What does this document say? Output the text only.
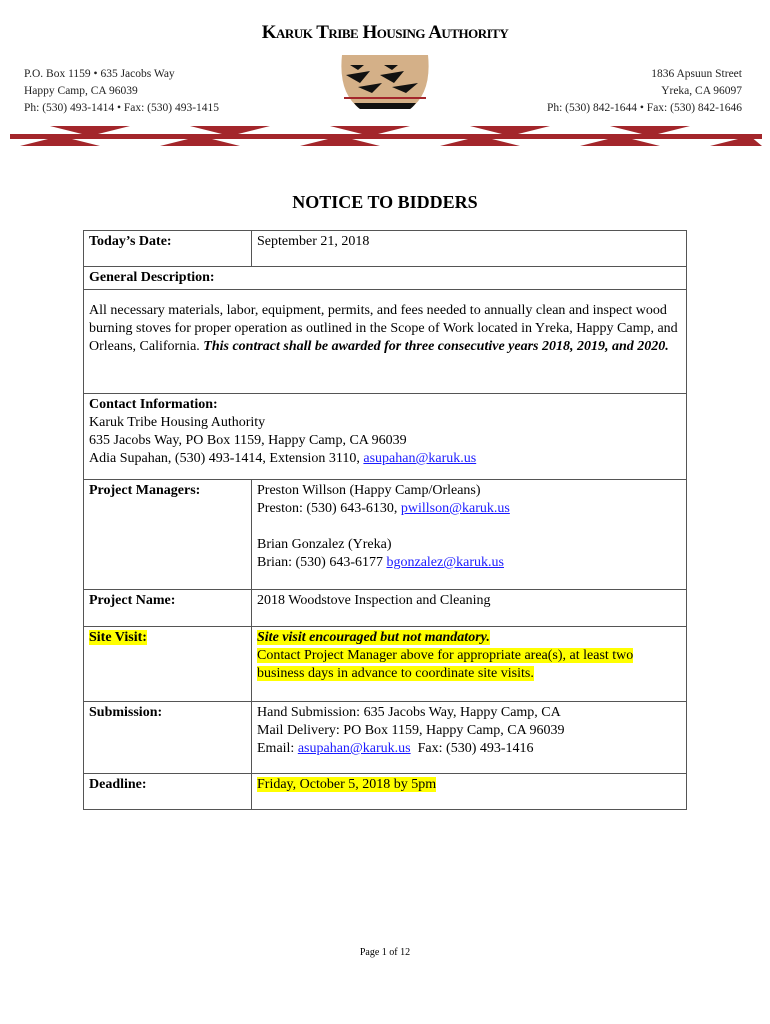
Karuk Tribe Housing Authority
P.O. Box 1159 • 635 Jacobs Way
Happy Camp, CA 96039
Ph: (530) 493-1414 • Fax: (530) 493-1415
1836 Apsuun Street
Yreka, CA 96097
Ph: (530) 842-1644 • Fax: (530) 842-1646
NOTICE TO BIDDERS
Today’s Date:	September 21, 2018
General Description:	
All necessary materials, labor, equipment, permits, and fees needed to annually clean and inspect wood burning stoves for proper operation as outlined in the Scope of Work located in Yreka, Happy Camp, and Orleans, California. This contract shall be awarded for three consecutive years 2018, 2019, and 2020.	

Contact Information:
Karuk Tribe Housing Authority
635 Jacobs Way, PO Box 1159, Happy Camp, CA 96039
Adia Supahan, (530) 493-1414, Extension 3110, asupahan@karuk.us	

Project Managers:	Preston Willson (Happy Camp/Orleans)
Preston: (530) 643-6130, pwillson@karuk.us
Brian Gonzalez (Yreka)
Brian: (530) 643-6177 bgonzalez@karuk.us

Project Name:	2018 Woodstove Inspection and Cleaning
Site Visit:	Site visit encouraged but not mandatory.
Contact Project Manager above for appropriate area(s), at least two business days in advance to coordinate site visits.
Submission:	Hand Submission: 635 Jacobs Way, Happy Camp, CA
Mail Delivery: PO Box 1159, Happy Camp, CA 96039
Email: asupahan@karuk.us  Fax: (530) 493-1416

Deadline:	Friday, October 5, 2018 by 5pm
Page 1 of 12
